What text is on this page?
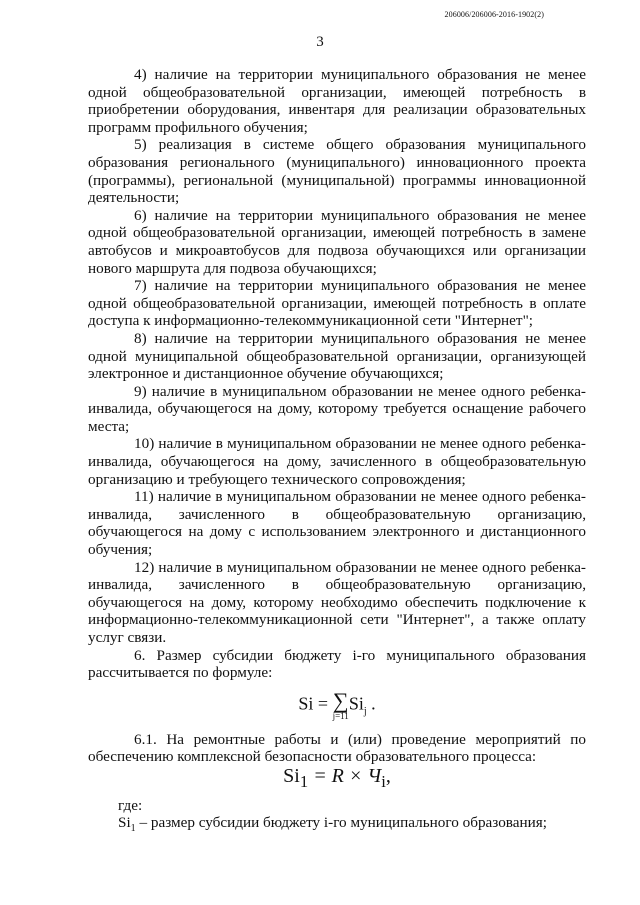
206006/206006-2016-1902(2)
3

4) наличие на территории муниципального образования не менее одной общеобразовательной организации, имеющей потребность в приобретении оборудования, инвентаря для реализации образовательных программ профильного обучения;

5) реализация в системе общего образования муниципального образования регионального (муниципального) инновационного проекта (программы), региональной (муниципальной) программы инновационной деятельности;

6) наличие на территории муниципального образования не менее одной общеобразовательной организации, имеющей потребность в замене автобусов и микроавтобусов для подвоза обучающихся или организации нового маршрута для подвоза обучающихся;

7) наличие на территории муниципального образования не менее одной общеобразовательной организации, имеющей потребность в оплате доступа к информационно-телекоммуникационной сети "Интернет";

8) наличие на территории муниципального образования не менее одной муниципальной общеобразовательной организации, организующей электронное и дистанционное обучение обучающихся;

9) наличие в муниципальном образовании не менее одного ребенка-инвалида, обучающегося на дому, которому требуется оснащение рабочего места;

10) наличие в муниципальном образовании не менее одного ребенка-инвалида, обучающегося на дому, зачисленного в общеобразовательную организацию и требующего технического сопровождения;

11) наличие в муниципальном образовании не менее одного ребенка-инвалида, зачисленного в общеобразовательную организацию, обучающегося на дому с использованием электронного и дистанционного обучения;

12) наличие в муниципальном образовании не менее одного ребенка-инвалида, зачисленного в общеобразовательную организацию, обучающегося на дому, которому необходимо обеспечить подключение к информационно-телекоммуникационной сети "Интернет", а также оплату услуг связи.

6. Размер субсидии бюджету i-го муниципального образования рассчитывается по формуле:

Si = ∑
j=11
$Si_j$ .

6.1. На ремонтные работы и (или) проведение мероприятий по обеспечению комплексной безопасности образовательного процесса:

$Si_1 = R \times Ч_i$,

где:

$Si_1$ – размер субсидии бюджету i-го муниципального образования;
